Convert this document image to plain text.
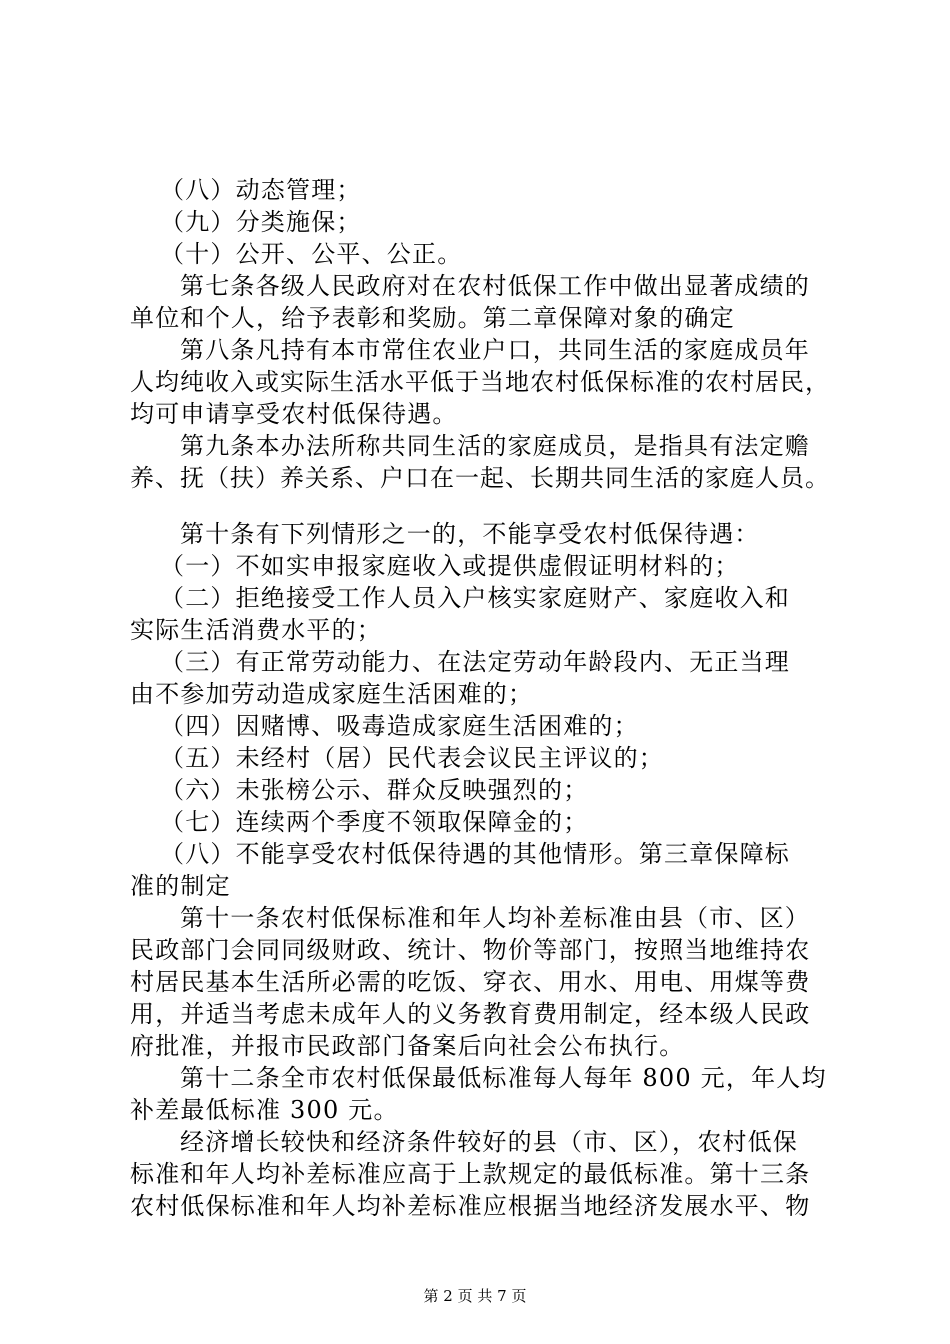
（八）动态管理；
（九）分类施保；
（十）公开、公平、公正。
第七条各级人民政府对在农村低保工作中做出显著成绩的
单位和个人，给予表彰和奖励。第二章保障对象的确定
第八条凡持有本市常住农业户口，共同生活的家庭成员年
人均纯收入或实际生活水平低于当地农村低保标准的农村居民，
均可申请享受农村低保待遇。
第九条本办法所称共同生活的家庭成员，是指具有法定赡
养、抚（扶）养关系、户口在一起、长期共同生活的家庭人员。
第十条有下列情形之一的，不能享受农村低保待遇：
（一）不如实申报家庭收入或提供虚假证明材料的；
（二）拒绝接受工作人员入户核实家庭财产、家庭收入和
实际生活消费水平的；
（三）有正常劳动能力、在法定劳动年龄段内、无正当理
由不参加劳动造成家庭生活困难的；
（四）因赌博、吸毒造成家庭生活困难的；
（五）未经村（居）民代表会议民主评议的；
（六）未张榜公示、群众反映强烈的；
（七）连续两个季度不领取保障金的；
（八）不能享受农村低保待遇的其他情形。第三章保障标
准的制定
第十一条农村低保标准和年人均补差标准由县（市、区）
民政部门会同同级财政、统计、物价等部门，按照当地维持农
村居民基本生活所必需的吃饭、穿衣、用水、用电、用煤等费
用，并适当考虑未成年人的义务教育费用制定，经本级人民政
府批准，并报市民政部门备案后向社会公布执行。
第十二条全市农村低保最低标准每人每年 800 元，年人均
补差最低标准 300 元。
经济增长较快和经济条件较好的县（市、区），农村低保
标准和年人均补差标准应高于上款规定的最低标准。第十三条
农村低保标准和年人均补差标准应根据当地经济发展水平、物
第 2 页 共 7 页
